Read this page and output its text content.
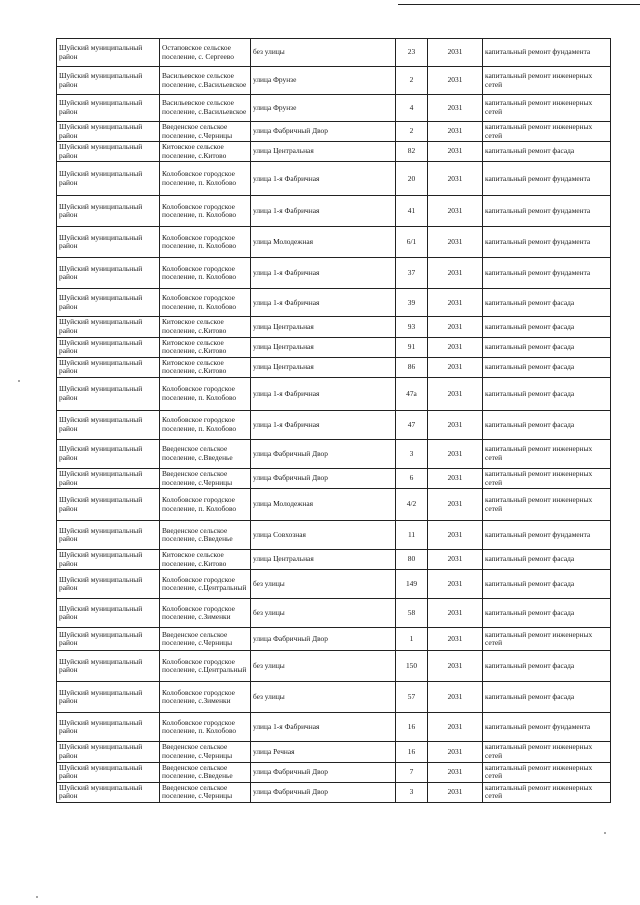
Шуйский муниципальный район	Остаповское сельское поселение, с. Сергеево	без улицы	23	2031	капитальный ремонт фундамента
Шуйский муниципальный район	Васильевское сельское поселение, с.Васильевское	улица Фрунзе	2	2031	капитальный ремонт инженерных сетей
Шуйский муниципальный район	Васильевское сельское поселение, с.Васильевское	улица Фрунзе	4	2031	капитальный ремонт инженерных сетей
Шуйский муниципальный район	Введенское сельское поселение, с.Черницы	улица Фабричный Двор	2	2031	капитальный ремонт инженерных сетей
Шуйский муниципальный район	Китовское сельское поселение, с.Китово	улица Центральная	82	2031	капитальный ремонт фасада
Шуйский муниципальный район	Колобовское городское поселение, п. Колобово	улица 1-я Фабричная	20	2031	капитальный ремонт фундамента
Шуйский муниципальный район	Колобовское городское поселение, п. Колобово	улица 1-я Фабричная	41	2031	капитальный ремонт фундамента
Шуйский муниципальный район	Колобовское городское поселение, п. Колобово	улица Молодежная	6/1	2031	капитальный ремонт фундамента
Шуйский муниципальный район	Колобовское городское поселение, п. Колобово	улица 1-я Фабричная	37	2031	капитальный ремонт фундамента
Шуйский муниципальный район	Колобовское городское поселение, п. Колобово	улица 1-я Фабричная	39	2031	капитальный ремонт фасада
Шуйский муниципальный район	Китовское сельское поселение, с.Китово	улица Центральная	93	2031	капитальный ремонт фасада
Шуйский муниципальный район	Китовское сельское поселение, с.Китово	улица Центральная	91	2031	капитальный ремонт фасада
Шуйский муниципальный район	Китовское сельское поселение, с.Китово	улица Центральная	86	2031	капитальный ремонт фасада
Шуйский муниципальный район	Колобовское городское поселение, п. Колобово	улица 1-я Фабричная	47а	2031	капитальный ремонт фасада
Шуйский муниципальный район	Колобовское городское поселение, п. Колобово	улица 1-я Фабричная	47	2031	капитальный ремонт фасада
Шуйский муниципальный район	Введенское сельское поселение, с.Введенье	улица Фабричный Двор	3	2031	капитальный ремонт инженерных сетей
Шуйский муниципальный район	Введенское сельское поселение, с.Черницы	улица Фабричный Двор	6	2031	капитальный ремонт инженерных сетей
Шуйский муниципальный район	Колобовское городское поселение, п. Колобово	улица Молодежная	4/2	2031	капитальный ремонт инженерных сетей
Шуйский муниципальный район	Введенское сельское поселение, с.Введенье	улица Совхозная	11	2031	капитальный ремонт фундамента
Шуйский муниципальный район	Китовское сельское поселение, с.Китово	улица Центральная	80	2031	капитальный ремонт фасада
Шуйский муниципальный район	Колобовское городское поселение, с.Центральный	без улицы	149	2031	капитальный ремонт фасада
Шуйский муниципальный район	Колобовское городское поселение, с.Зименки	без улицы	58	2031	капитальный ремонт фасада
Шуйский муниципальный район	Введенское сельское поселение, с.Черницы	улица Фабричный Двор	1	2031	капитальный ремонт инженерных сетей
Шуйский муниципальный район	Колобовское городское поселение, с.Центральный	без улицы	150	2031	капитальный ремонт фасада
Шуйский муниципальный район	Колобовское городское поселение, с.Зименки	без улицы	57	2031	капитальный ремонт фасада
Шуйский муниципальный район	Колобовское городское поселение, п. Колобово	улица 1-я Фабричная	16	2031	капитальный ремонт фундамента
Шуйский муниципальный район	Введенское сельское поселение, с.Черницы	улица Речная	16	2031	капитальный ремонт инженерных сетей
Шуйский муниципальный район	Введенское сельское поселение, с.Введенье	улица Фабричный Двор	7	2031	капитальный ремонт инженерных сетей
Шуйский муниципальный район	Введенское сельское поселение, с.Черницы	улица Фабричный Двор	3	2031	капитальный ремонт инженерных сетей
